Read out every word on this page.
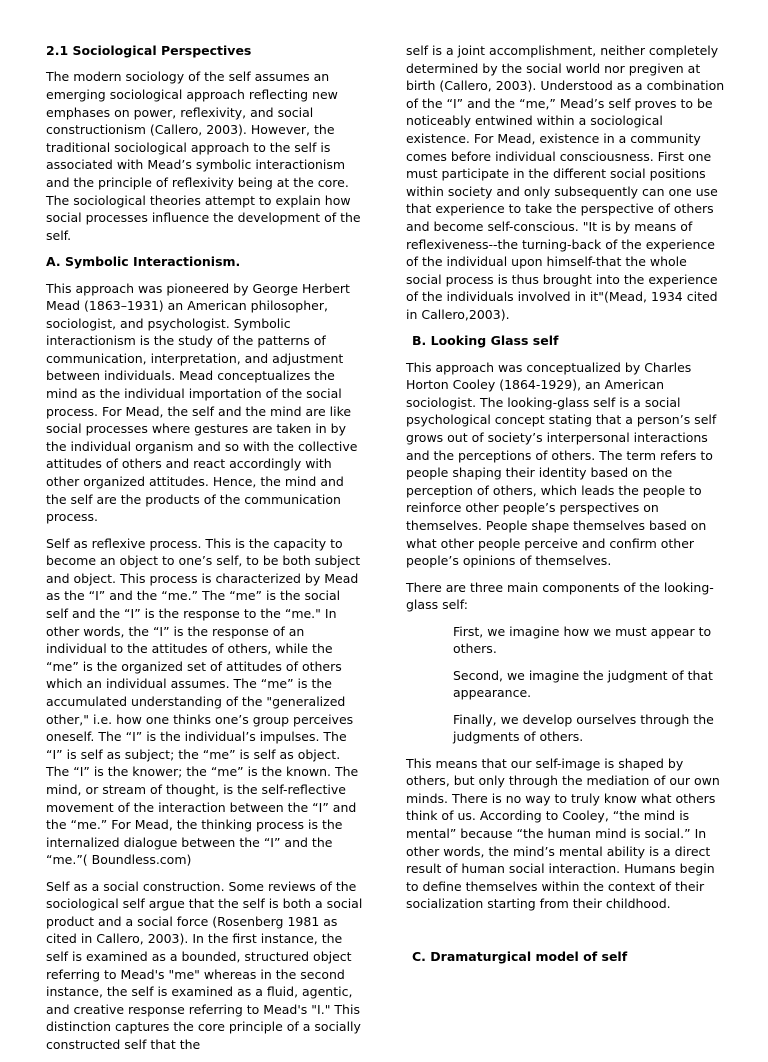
2.1 Sociological Perspectives

The modern sociology of the self assumes an emerging sociological approach reflecting new emphases on power, reflexivity, and social constructionism (Callero, 2003). However, the traditional sociological approach to the self is associated with Mead’s symbolic interactionism and the principle of reflexivity being at the core. The sociological theories attempt to explain how social processes influence the development of the self.

A. Symbolic Interactionism.

This approach was pioneered by George Herbert Mead (1863–1931) an American philosopher, sociologist, and psychologist. Symbolic interactionism is the study of the patterns of communication, interpretation, and adjustment between individuals. Mead conceptualizes the mind as the individual importation of the social process. For Mead, the self and the mind are like social processes where gestures are taken in by the individual organism and so with the collective attitudes of others and react accordingly with other organized attitudes. Hence, the mind and the self are the products of the communication process.

Self as reflexive process. This is the capacity to become an object to one’s self, to be both subject and object. This process is characterized by Mead as the “I” and the “me.” The “me” is the social self and the “I” is the response to the “me." In other words, the “I” is the response of an individual to the attitudes of others, while the “me” is the organized set of attitudes of others which an individual assumes. The “me” is the accumulated understanding of the "generalized other," i.e. how one thinks one’s group perceives oneself. The “I” is the individual’s impulses. The “I” is self as subject; the “me” is self as object. The “I” is the knower; the “me” is the known. The mind, or stream of thought, is the self-reflective movement of the interaction between the “I” and the “me.” For Mead, the thinking process is the internalized dialogue between the “I” and the “me.”( Boundless.com)

Self as a social construction. Some reviews of the sociological self argue that the self is both a social product and a social force (Rosenberg 1981 as cited in Callero, 2003). In the first instance, the self is examined as a bounded, structured object referring to Mead's "me" whereas in the second instance, the self is examined as a fluid, agentic, and creative response referring to Mead's "I." This distinction captures the core principle of a socially constructed self that the

self is a joint accomplishment, neither completely determined by the social world nor pregiven at birth (Callero, 2003). Understood as a combination of the “I” and the “me,” Mead’s self proves to be noticeably entwined within a sociological existence. For Mead, existence in a community comes before individual consciousness. First one must participate in the different social positions within society and only subsequently can one use that experience to take the perspective of others and become self-conscious. "It is by means of reflexiveness--the turning-back of the experience of the individual upon himself-that the whole social process is thus brought into the experience of the individuals involved in it"(Mead, 1934 cited in Callero,2003).

B. Looking Glass self

This approach was conceptualized by Charles Horton Cooley (1864-1929), an American sociologist. The looking-glass self is a social psychological concept stating that a person’s self grows out of society’s interpersonal interactions and the perceptions of others. The term refers to people shaping their identity based on the perception of others, which leads the people to reinforce other people’s perspectives on themselves. People shape themselves based on what other people perceive and confirm other people’s opinions of themselves.

There are three main components of the looking-glass self:

First, we imagine how we must appear to others.

Second, we imagine the judgment of that appearance.

Finally, we develop ourselves through the judgments of others.

This means that our self-image is shaped by others, but only through the mediation of our own minds. There is no way to truly know what others think of us. According to Cooley, “the mind is mental” because “the human mind is social.” In other words, the mind’s mental ability is a direct result of human social interaction. Humans begin to define themselves within the context of their socialization starting from their childhood.

C. Dramaturgical model of self
